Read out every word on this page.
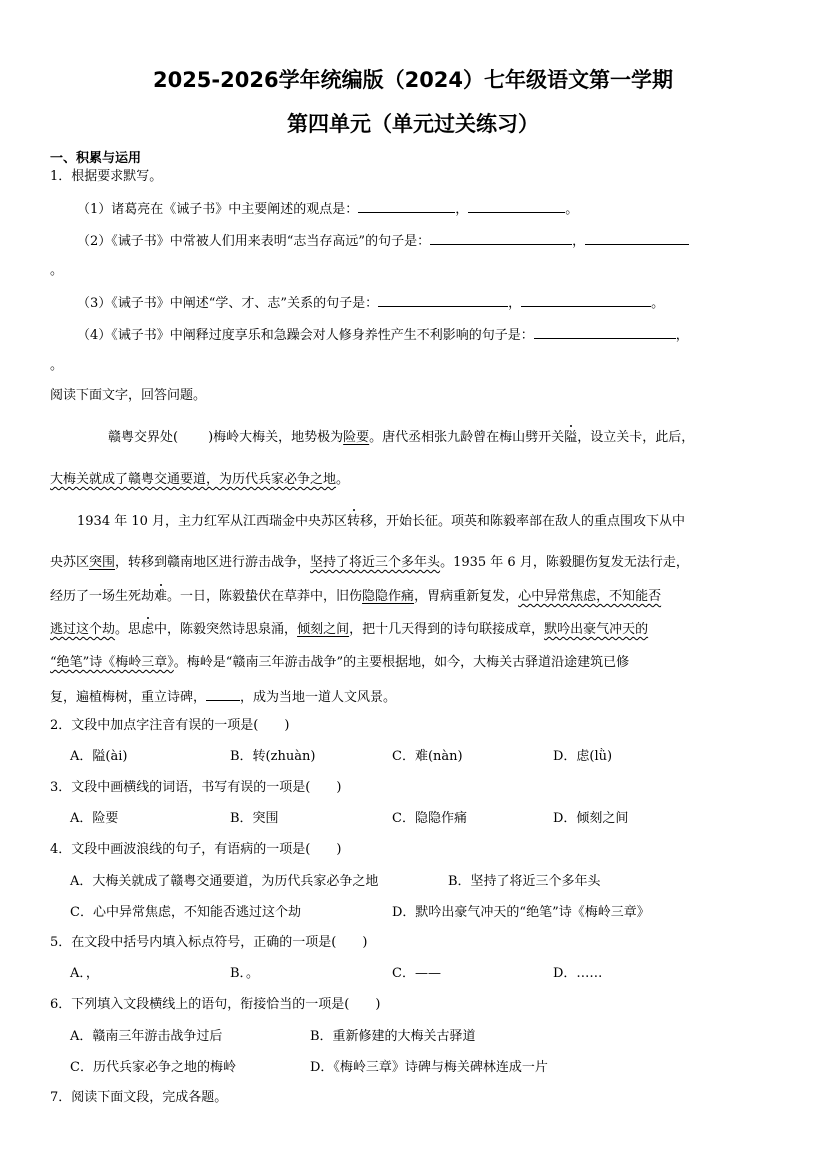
2025-2026学年统编版（2024）七年级语文第一学期
第四单元（单元过关练习）
一、积累与运用
1．根据要求默写。
（1）诸葛亮在《诫子书》中主要阐述的观点是：	，	。
（2）《诫子书》中常被人们用来表明“志当存高远”的句子是：	，
。
（3）《诫子书》中阐述“学、才、志”关系的句子是：	，	。
（4）《诫子书》中阐释过度享乐和急躁会对人修身养性产生不利影响的句子是：	，
。
阅读下面文字，回答问题。
赣粤交界处( )梅岭大梅关，地势极为险要。唐代丞相张九龄曾在梅山劈开关隘，设立关卡，此后，
大梅关就成了赣粤交通要道，为历代兵家必争之地。
1934 年 10 月，主力红军从江西瑞金中央苏区转移，开始长征。项英和陈毅率部在敌人的重点围攻下从中
央苏区突围，转移到赣南地区进行游击战争，坚持了将近三个多年头。1935 年 6 月，陈毅腿伤复发无法行走，
经历了一场生死劫难。一日，陈毅蛰伏在草莽中，旧伤隐隐作痛，胃病重新复发，心中异常焦虑，不知能否
逃过这个劫。思虑中，陈毅突然诗思泉涌，倾刻之间，把十几天得到的诗句联接成章，默吟出豪气冲天的
“绝笔”诗《梅岭三章》。梅岭是“赣南三年游击战争”的主要根据地，如今，大梅关古驿道沿途建筑已修
复，遍植梅树，重立诗碑，	，成为当地一道人文风景。
2．文段中加点字注音有误的一项是(　　)
A．隘(ài)	B．转(zhuàn)	C．难(nàn)	D．虑(lǜ)
3．文段中画横线的词语，书写有误的一项是(　　)
A．险要	B．突围	C．隐隐作痛	D．倾刻之间
4．文段中画波浪线的句子，有语病的一项是(　　)
A．大梅关就成了赣粤交通要道，为历代兵家必争之地	B．坚持了将近三个多年头
C．心中异常焦虑，不知能否逃过这个劫	D．默吟出豪气冲天的“绝笔”诗《梅岭三章》
5．在文段中括号内填入标点符号，正确的一项是(　　)
A．，	B．。	C．——	D．……
6．下列填入文段横线上的语句，衔接恰当的一项是(　　)
A．赣南三年游击战争过后	B．重新修建的大梅关古驿道
C．历代兵家必争之地的梅岭	D．《梅岭三章》诗碑与梅关碑林连成一片
7．阅读下面文段，完成各题。
